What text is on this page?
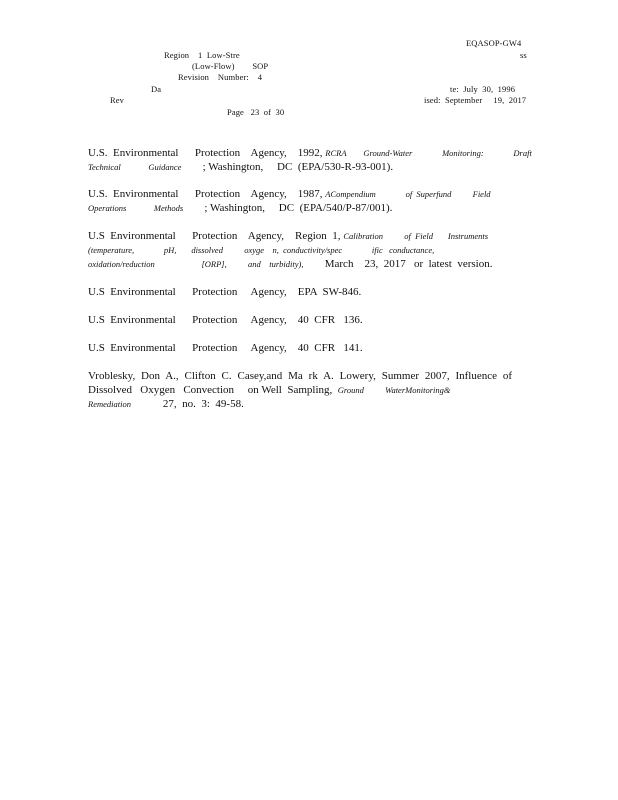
EQASOP-GW4
Region    1  Low-Stre	ss
(Low-Flow)        SOP
Revision    Number:    4
Da	te:  July  30,  1996
Rev	ised:  September     19,  2017
Page   23  of  30
U.S.  Environmental      Protection    Agency,    1992, RCRA        Ground-Water              Monitoring:              Draft
Technical             Guidance          ; Washington,     DC  (EPA/530-R-93-001).
U.S.  Environmental      Protection    Agency,    1987, ACompendium              of  Superfund          Field
Operations             Methods          ; Washington,     DC  (EPA/540/P-87/001).
U.S  Environmental      Protection    Agency,    Region  1, Calibration          of  Field       Instruments
(temperature,              pH,       dissolved          oxyge    n,  conductivity/spec              ific   conductance,
oxidation/reduction                      [ORP],          and    turbidity),          March    23,  2017   or  latest  version.
U.S  Environmental      Protection     Agency,    EPA  SW-846.
U.S  Environmental      Protection     Agency,    40  CFR   136.
U.S  Environmental      Protection     Agency,    40  CFR   141.
Vroblesky, Don A., Clifton C. Casey,and Ma rk A. Lowery, Summer 2007, Influence of
Dissolved   Oxygen   Convection     on Well  Sampling,  Ground          WaterMonitoring&
Remediation               27,  no.  3:  49-58.
